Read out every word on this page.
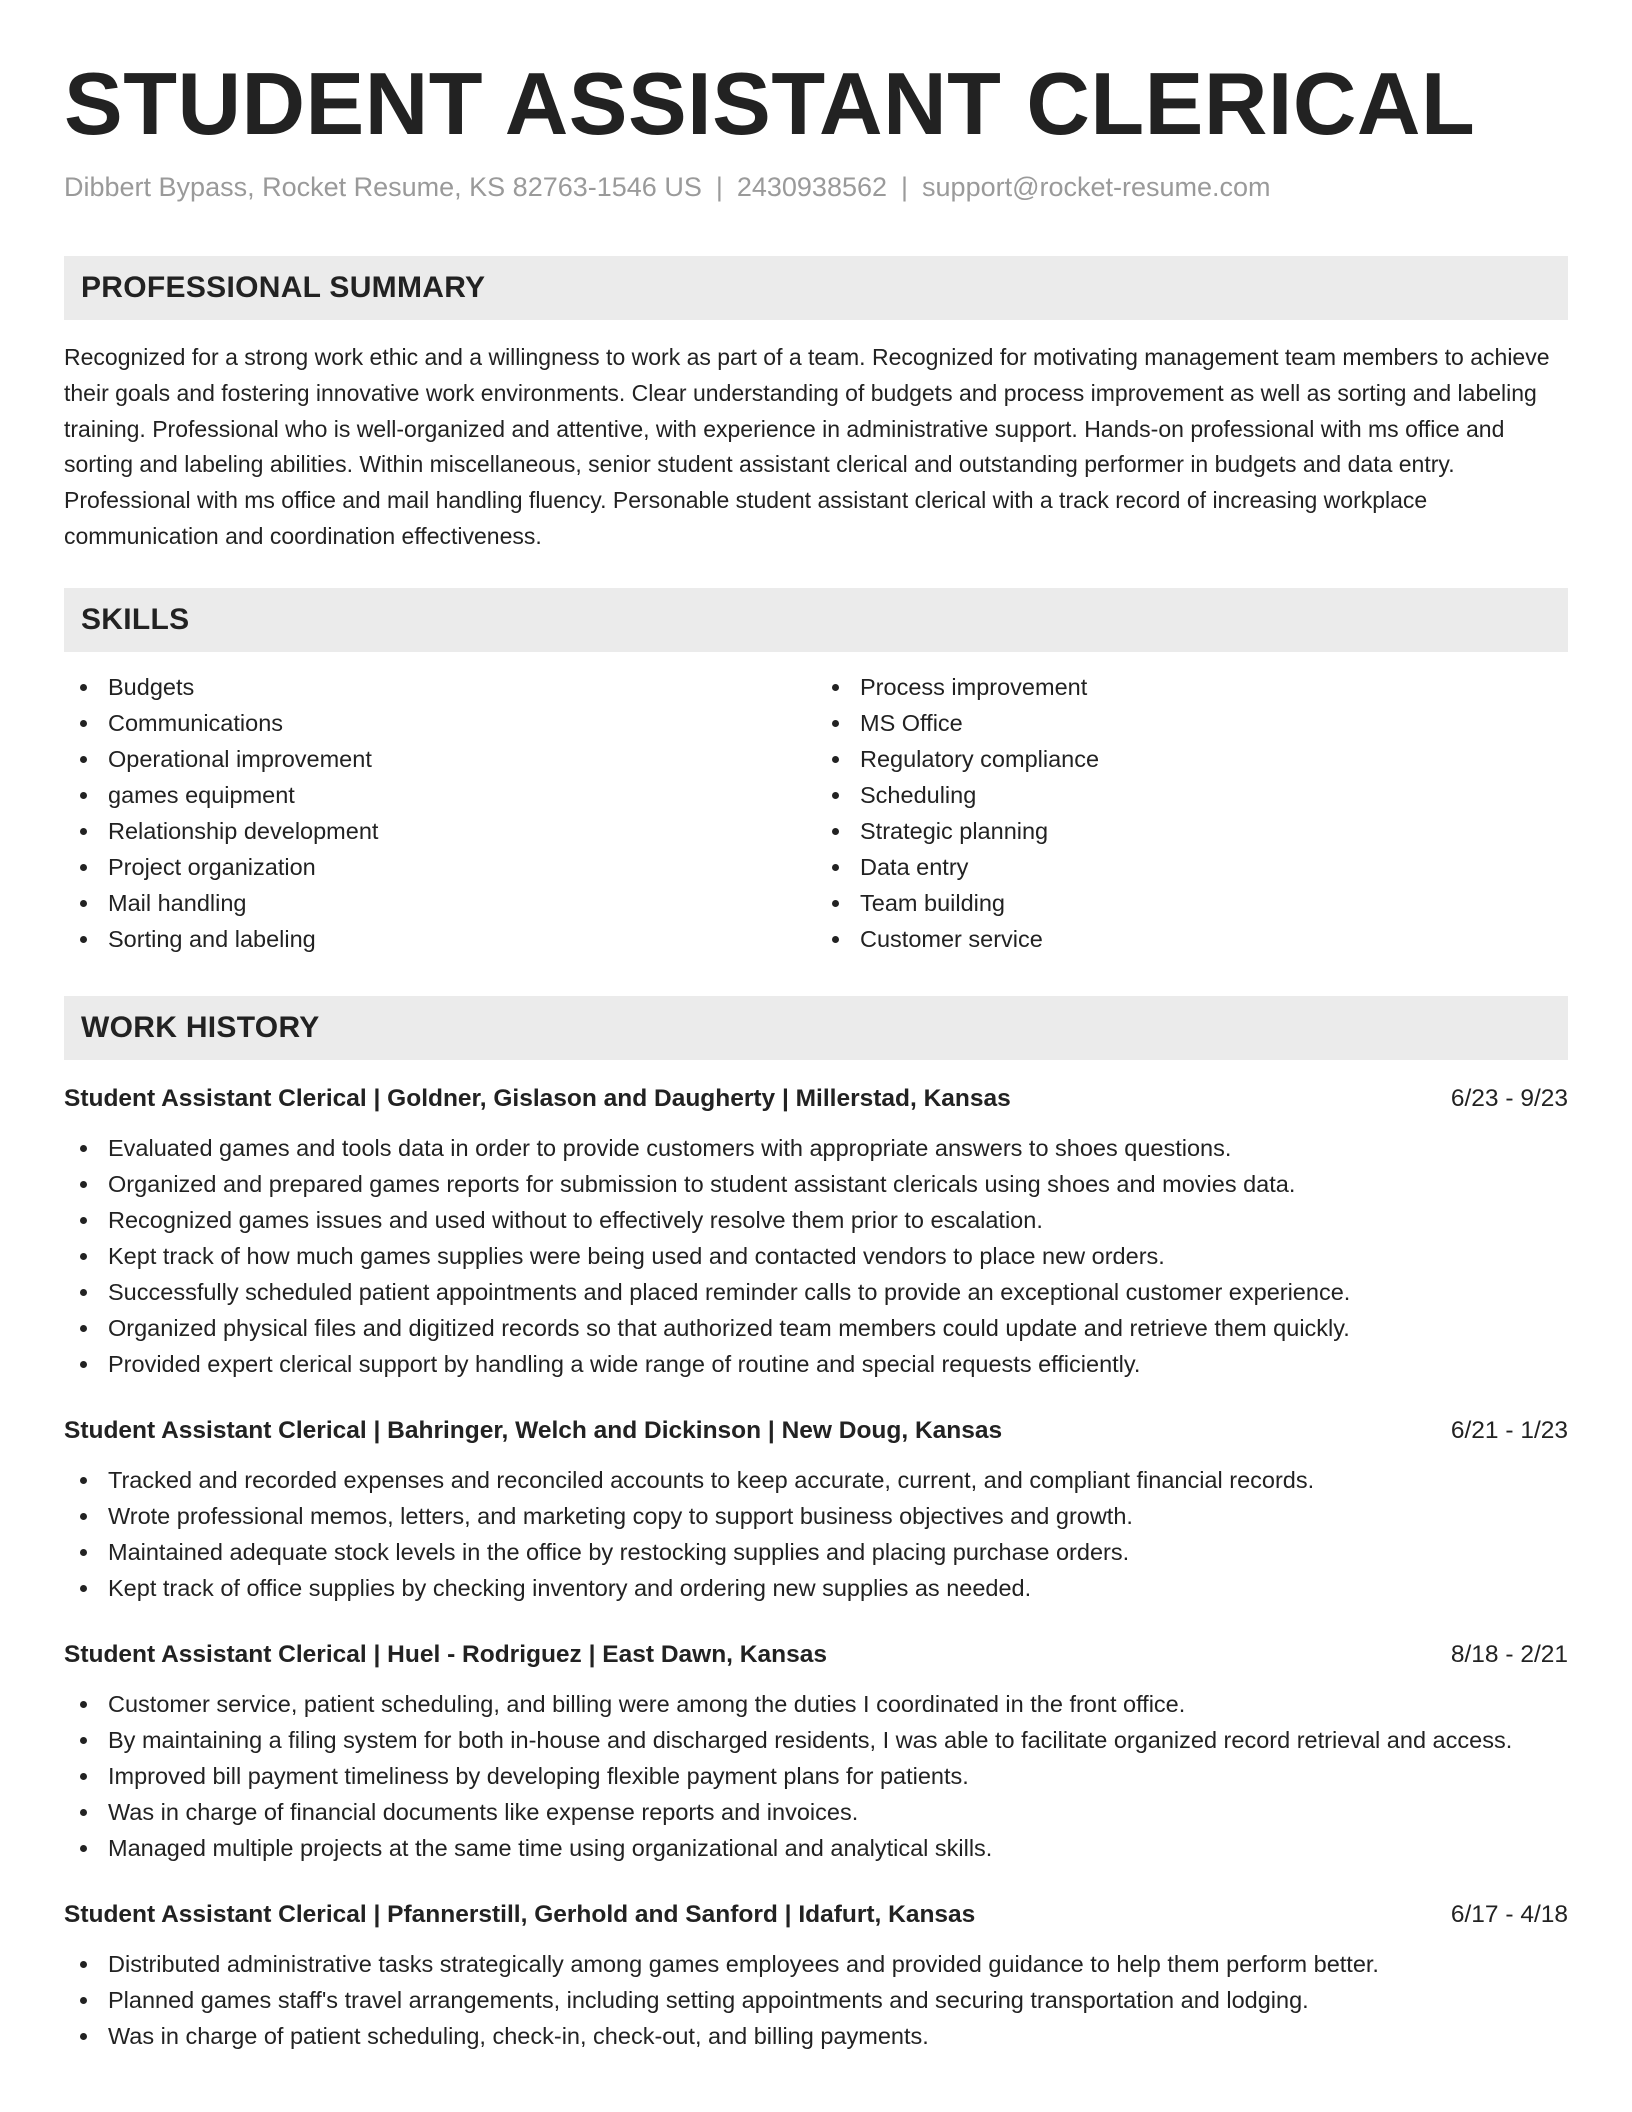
STUDENT ASSISTANT CLERICAL
Dibbert Bypass, Rocket Resume, KS 82763-1546 US | 2430938562 | support@rocket-resume.com
PROFESSIONAL SUMMARY

Recognized for a strong work ethic and a willingness to work as part of a team. Recognized for motivating management team members to achieve their goals and fostering innovative work environments. Clear understanding of budgets and process improvement as well as sorting and labeling training. Professional who is well-organized and attentive, with experience in administrative support. Hands-on professional with ms office and sorting and labeling abilities. Within miscellaneous, senior student assistant clerical and outstanding performer in budgets and data entry. Professional with ms office and mail handling fluency. Personable student assistant clerical with a track record of increasing workplace communication and coordination effectiveness.

SKILLS
Budgets
Communications
Operational improvement
games equipment
Relationship development
Project organization
Mail handling
Sorting and labeling
Process improvement
MS Office
Regulatory compliance
Scheduling
Strategic planning
Data entry
Team building
Customer service
WORK HISTORY
Student Assistant Clerical | Goldner, Gislason and Daugherty | Millerstad, Kansas	6/23 - 9/23
Evaluated games and tools data in order to provide customers with appropriate answers to shoes questions.
Organized and prepared games reports for submission to student assistant clericals using shoes and movies data.
Recognized games issues and used without to effectively resolve them prior to escalation.
Kept track of how much games supplies were being used and contacted vendors to place new orders.
Successfully scheduled patient appointments and placed reminder calls to provide an exceptional customer experience.
Organized physical files and digitized records so that authorized team members could update and retrieve them quickly.
Provided expert clerical support by handling a wide range of routine and special requests efficiently.
Student Assistant Clerical | Bahringer, Welch and Dickinson | New Doug, Kansas	6/21 - 1/23
Tracked and recorded expenses and reconciled accounts to keep accurate, current, and compliant financial records.
Wrote professional memos, letters, and marketing copy to support business objectives and growth.
Maintained adequate stock levels in the office by restocking supplies and placing purchase orders.
Kept track of office supplies by checking inventory and ordering new supplies as needed.
Student Assistant Clerical | Huel - Rodriguez | East Dawn, Kansas	8/18 - 2/21
Customer service, patient scheduling, and billing were among the duties I coordinated in the front office.
By maintaining a filing system for both in-house and discharged residents, I was able to facilitate organized record retrieval and access.
Improved bill payment timeliness by developing flexible payment plans for patients.
Was in charge of financial documents like expense reports and invoices.
Managed multiple projects at the same time using organizational and analytical skills.
Student Assistant Clerical | Pfannerstill, Gerhold and Sanford | Idafurt, Kansas	6/17 - 4/18
Distributed administrative tasks strategically among games employees and provided guidance to help them perform better.
Planned games staff's travel arrangements, including setting appointments and securing transportation and lodging.
Was in charge of patient scheduling, check-in, check-out, and billing payments.
